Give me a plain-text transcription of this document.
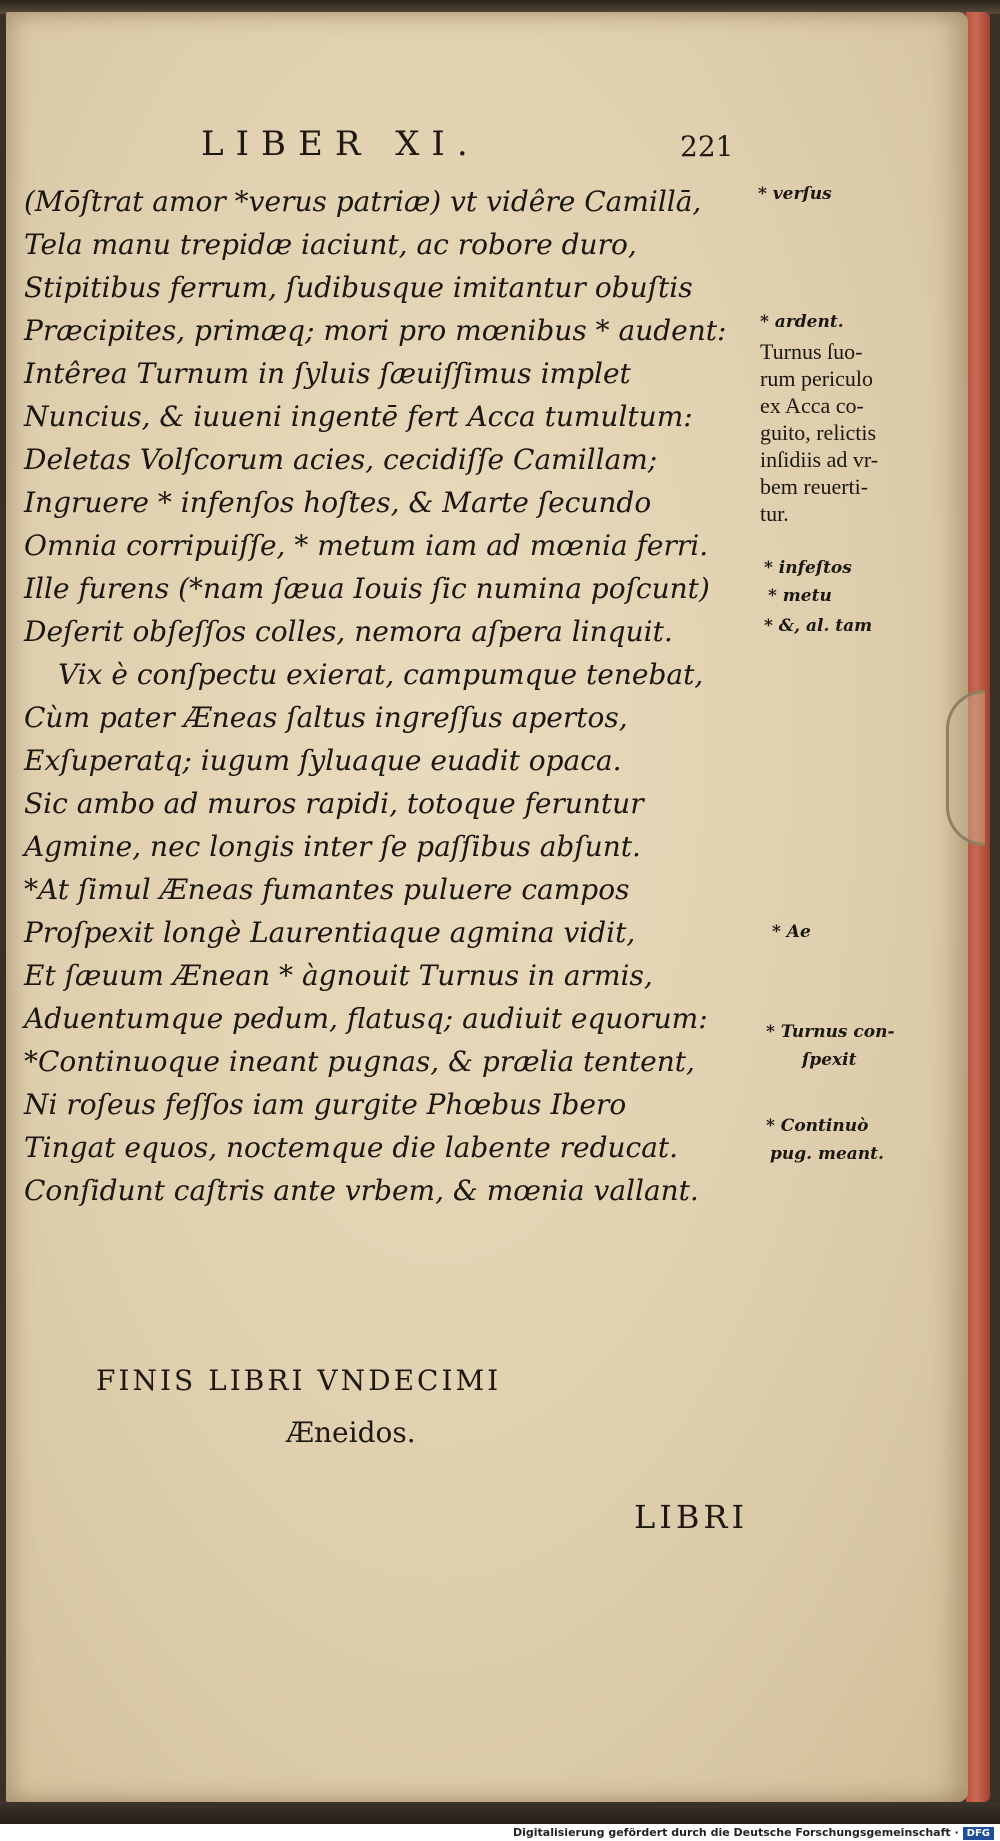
LIBER XI.	221
(Mōſtrat amor *verus patriæ) vt vidêre Camillā,
Tela manu trepidæ iaciunt, ac robore duro,
Stipitibus ferrum, ſudibusque imitantur obuſtis
Præcipites, primæq; mori pro mœnibus * audent:
Intêrea Turnum in ſyluis ſæuiſſimus implet
Nuncius, & iuueni ingentē fert Acca tumultum:
Deletas Volſcorum acies, cecidiſſe Camillam;
Ingruere * infenſos hoſtes, & Marte ſecundo
Omnia corripuiſſe, * metum iam ad mœnia ferri.
Ille furens (*nam ſæua Iouis ſic numina poſcunt)
Deſerit obſeſſos colles, nemora aſpera linquit.
Vix è conſpectu exierat, campumque tenebat,
Cùm pater Æneas ſaltus ingreſſus apertos,
Exſuperatq; iugum ſyluaque euadit opaca.
Sic ambo ad muros rapidi, totoque feruntur
Agmine, nec longis inter ſe paſſibus abſunt.
*At ſimul Æneas fumantes puluere campos
Proſpexit longè Laurentiaque agmina vidit,
Et ſæuum Ænean * àgnouit Turnus in armis,
Aduentumque pedum, flatusq; audiuit equorum:
*Continuoque ineant pugnas, & prælia tentent,
Ni roſeus feſſos iam gurgite Phœbus Ibero
Tingat equos, noctemque die labente reducat.
Conſidunt caſtris ante vrbem, & mœnia vallant.
* verſus
* ardent.
Turnus ſuo-
rum periculo
ex Acca co-
guito, relictis
inſidiis ad vr-
bem reuerti-
tur.
* infeſtos
* metu
* &, al. tam
* Ae
* Turnus con-
ſpexit
* Continuò
pug. meant.
FINIS LIBRI VNDECIMI
Æneidos.
LIBRI
Digitalisierung gefördert durch die Deutsche Forschungsgemeinschaft · DFG
